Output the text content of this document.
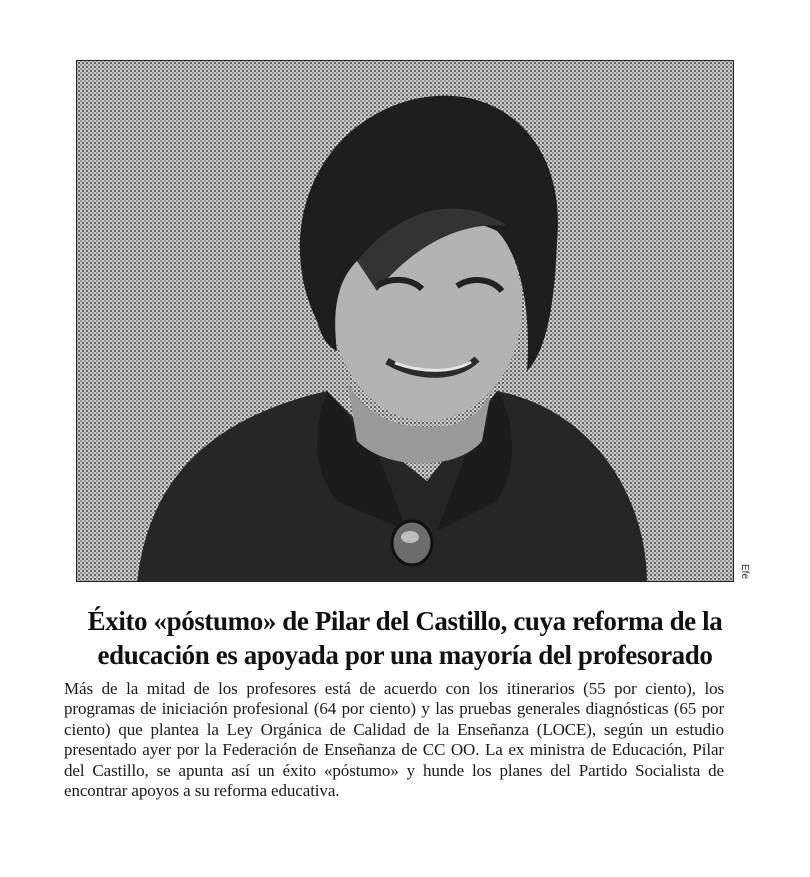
Efe
Éxito «póstumo» de Pilar del Castillo, cuya reforma de la educación es apoyada por una mayoría del profesorado

Más de la mitad de los profesores está de acuerdo con los itinerarios (55 por ciento), los programas de iniciación profesional (64 por ciento) y las pruebas generales diagnósticas (65 por ciento) que plantea la Ley Orgánica de Calidad de la Enseñanza (LOCE), según un estudio presentado ayer por la Federación de Enseñanza de CC OO. La ex ministra de Educación, Pilar del Castillo, se apunta así un éxito «póstumo» y hunde los planes del Partido Socialista de encontrar apoyos a su reforma educativa.
